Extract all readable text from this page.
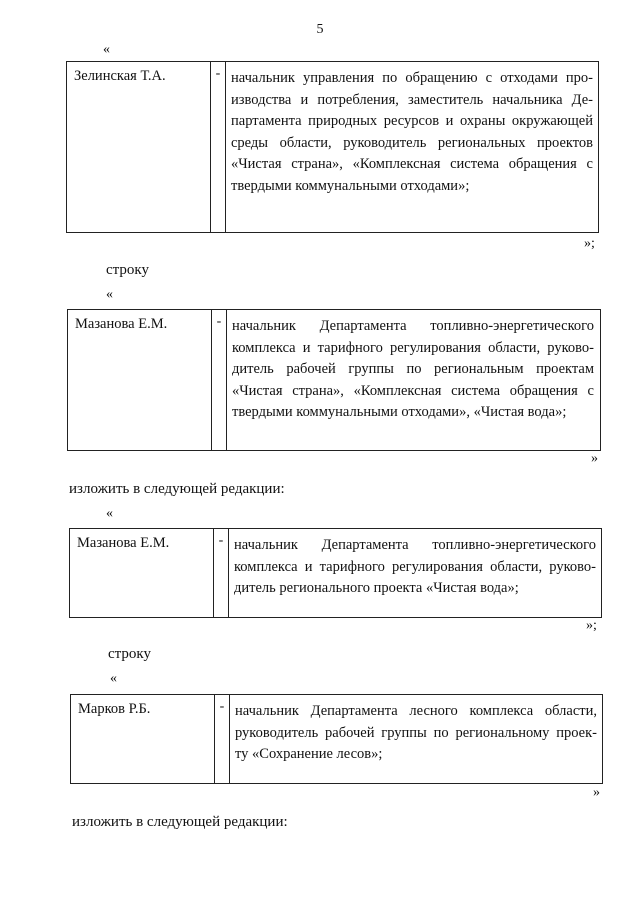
5
«
Зелинская Т.А.	- начальник управления по обращению с отходами про-
изводства и потребления, заместитель начальника Де-
партамента природных ресурсов и охраны окружающей
среды области, руководитель региональных проектов
«Чистая страна», «Комплексная система обращения с
твердыми коммунальными отходами»;
»;
строку
«
Мазанова Е.М.	- начальник Департамента топливно-энергетического
комплекса и тарифного регулирования области, руково-
дитель рабочей группы по региональным проектам
«Чистая страна», «Комплексная система обращения с
твердыми коммунальными отходами», «Чистая вода»;
»
изложить в следующей редакции:
«
Мазанова Е.М.	- начальник Департамента топливно-энергетического
комплекса и тарифного регулирования области, руково-
дитель регионального проекта «Чистая вода»;
»;
строку
«
Марков Р.Б.	- начальник Департамента лесного комплекса области,
руководитель рабочей группы по региональному проек-
ту «Сохранение лесов»;
»
изложить в следующей редакции:
